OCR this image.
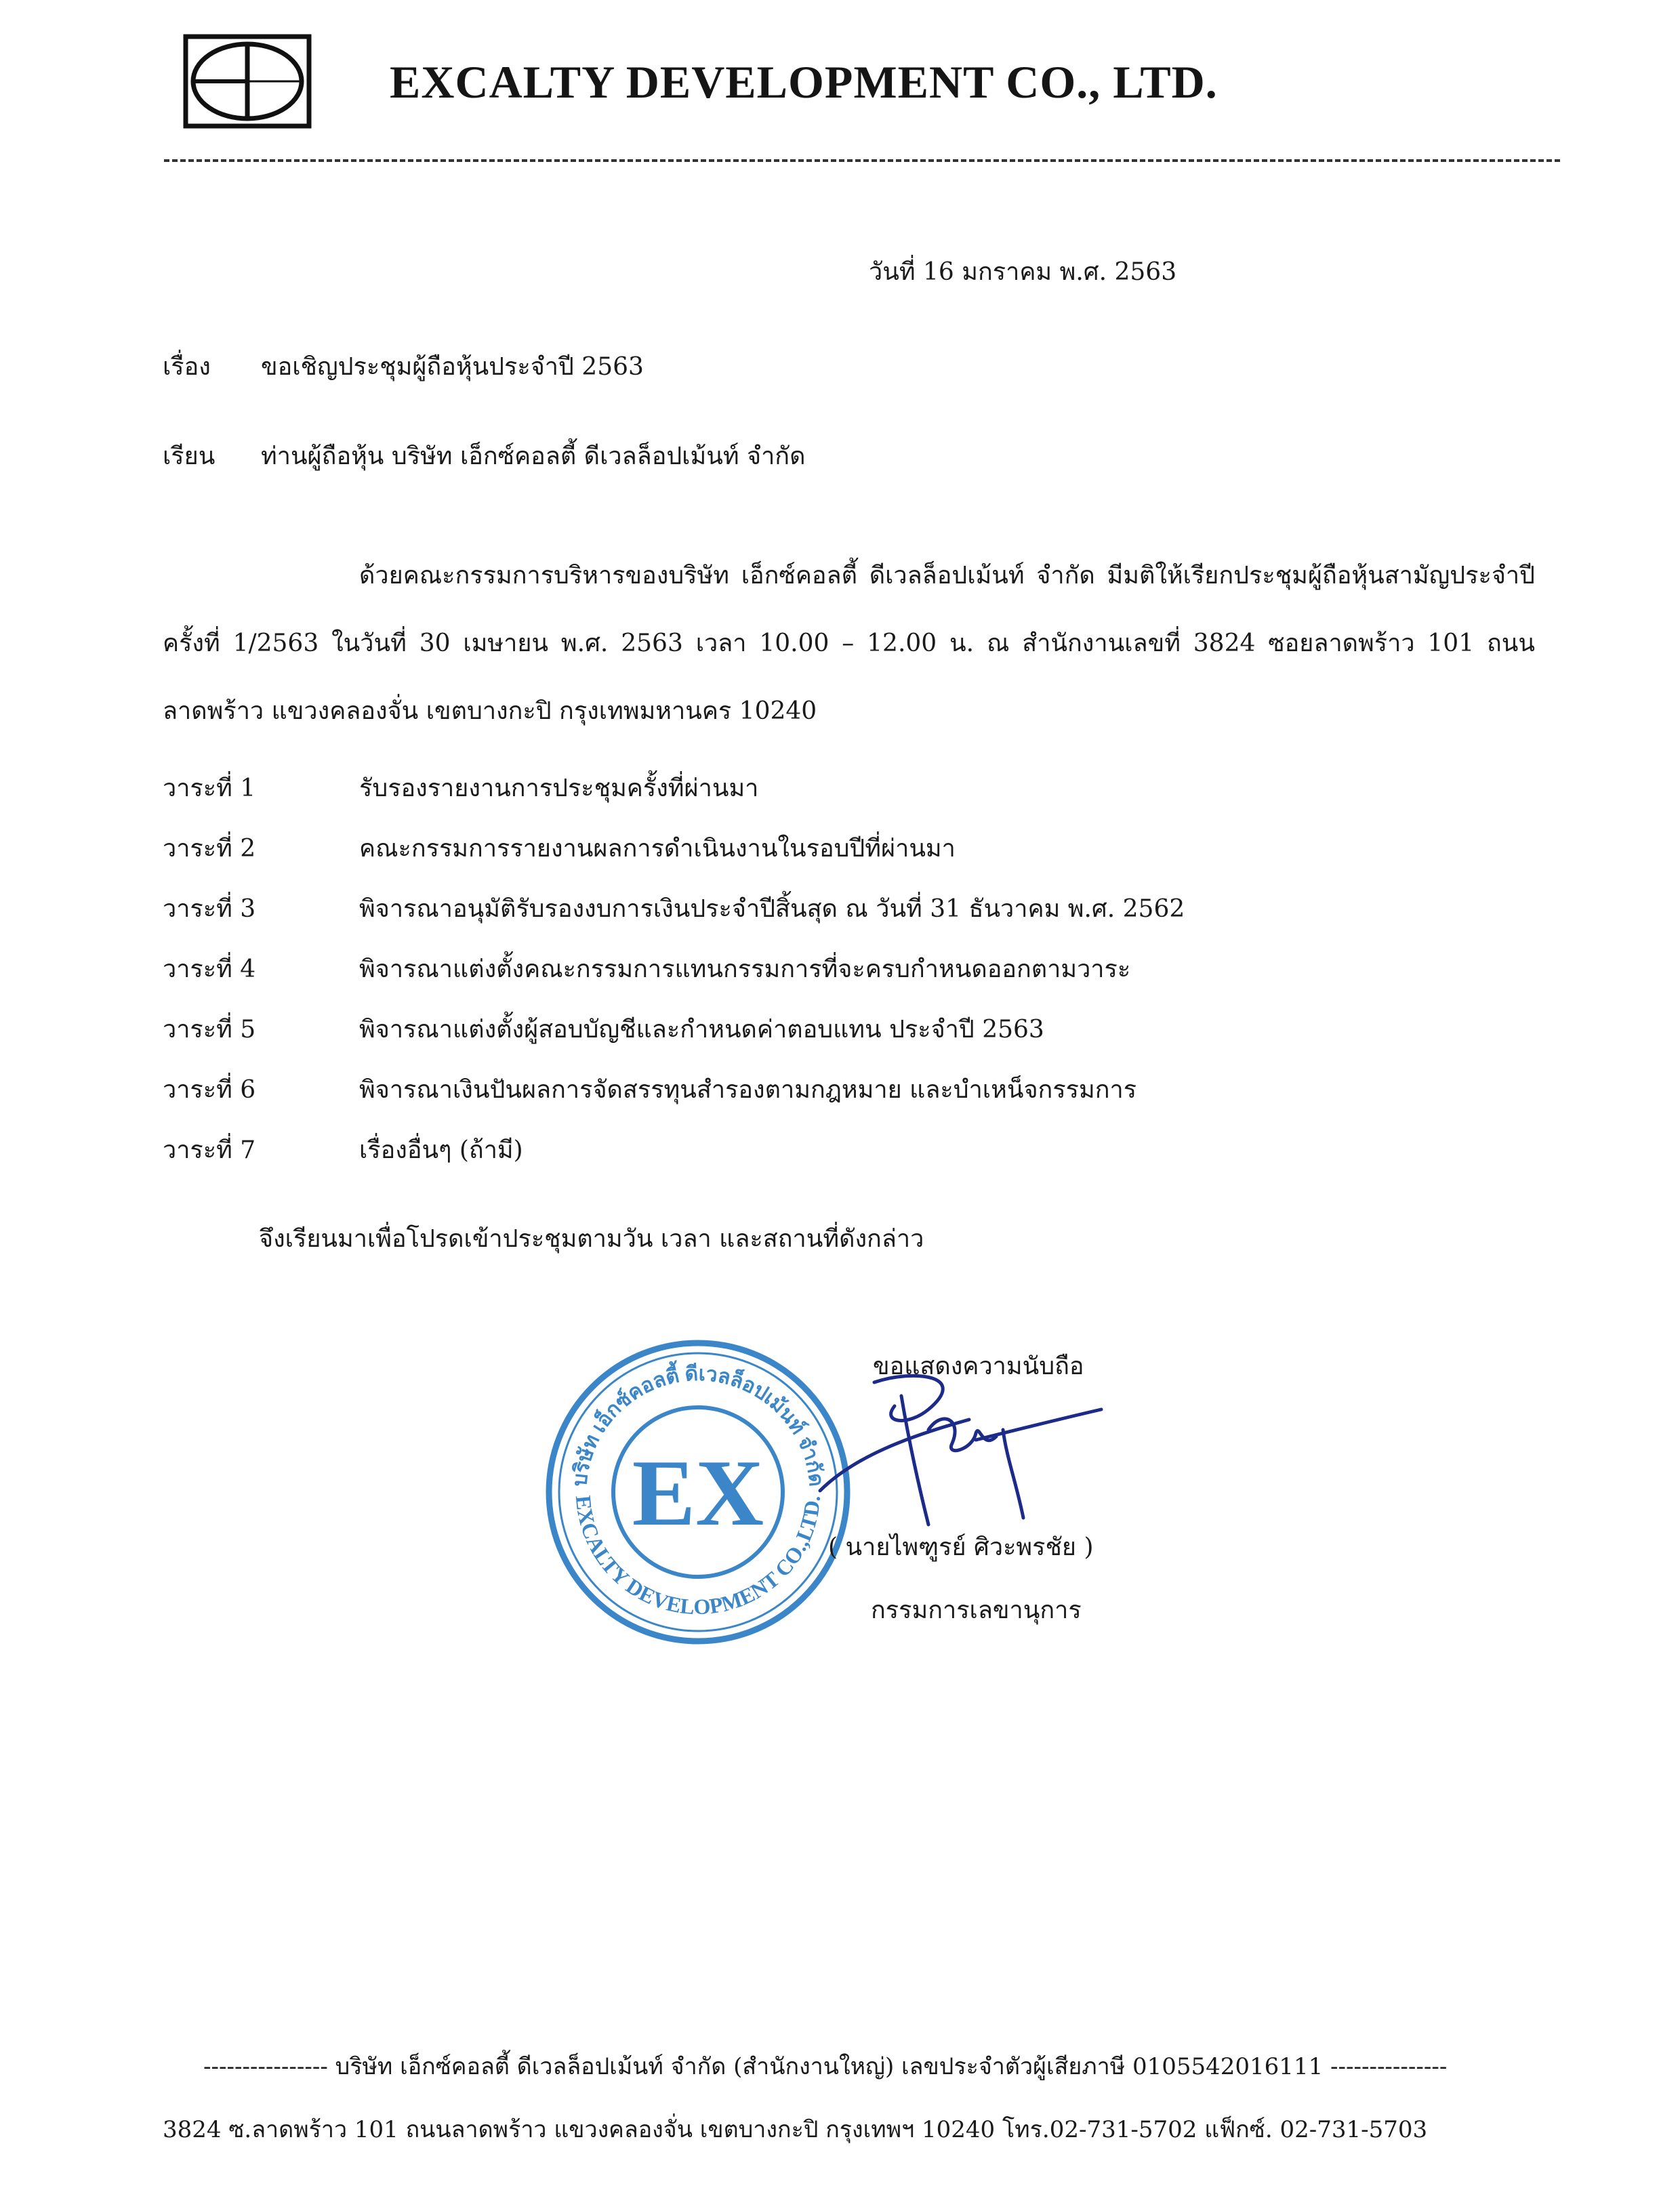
EXCALTY DEVELOPMENT CO., LTD.
วันที่ 16 มกราคม พ.ศ. 2563
เรื่อง ขอเชิญประชุมผู้ถือหุ้นประจำปี 2563
เรียน ท่านผู้ถือหุ้น บริษัท เอ็กซ์คอลตี้ ดีเวลล็อปเม้นท์ จำกัด
ด้วยคณะกรรมการบริหารของบริษัท เอ็กซ์คอลตี้ ดีเวลล็อปเม้นท์ จำกัด มีมติให้เรียกประชุมผู้ถือหุ้นสามัญประจำปี ครั้งที่ 1/2563 ในวันที่ 30 เมษายน พ.ศ. 2563 เวลา 10.00 – 12.00 น. ณ สำนักงานเลขที่ 3824 ซอยลาดพร้าว 101 ถนนลาดพร้าว แขวงคลองจั่น เขตบางกะปิ กรุงเทพมหานคร 10240
วาระที่ 1	รับรองรายงานการประชุมครั้งที่ผ่านมา
วาระที่ 2	คณะกรรมการรายงานผลการดำเนินงานในรอบปีที่ผ่านมา
วาระที่ 3	พิจารณาอนุมัติรับรองงบการเงินประจำปีสิ้นสุด ณ วันที่ 31 ธันวาคม พ.ศ. 2562
วาระที่ 4	พิจารณาแต่งตั้งคณะกรรมการแทนกรรมการที่จะครบกำหนดออกตามวาระ
วาระที่ 5	พิจารณาแต่งตั้งผู้สอบบัญชีและกำหนดค่าตอบแทน ประจำปี 2563
วาระที่ 6	พิจารณาเงินปันผลการจัดสรรทุนสำรองตามกฎหมาย และบำเหน็จกรรมการ
วาระที่ 7	เรื่องอื่นๆ (ถ้ามี)
จึงเรียนมาเพื่อโปรดเข้าประชุมตามวัน เวลา และสถานที่ดังกล่าว
ขอแสดงความนับถือ
บริษัท เอ็กซ์คอลตี้ ดีเวลล็อปเม้นท์ จำกัด
EXCALTY DEVELOPMENT CO.,LTD.
EX
( นายไพฑูรย์ ศิวะพรชัย )
กรรมการเลขานุการ
---------------- บริษัท เอ็กซ์คอลตี้ ดีเวลล็อปเม้นท์ จำกัด (สำนักงานใหญ่) เลขประจำตัวผู้เสียภาษี 0105542016111 ---------------
3824 ซ.ลาดพร้าว 101 ถนนลาดพร้าว แขวงคลองจั่น เขตบางกะปิ กรุงเทพฯ 10240 โทร.02-731-5702 แฟ็กซ์. 02-731-5703
